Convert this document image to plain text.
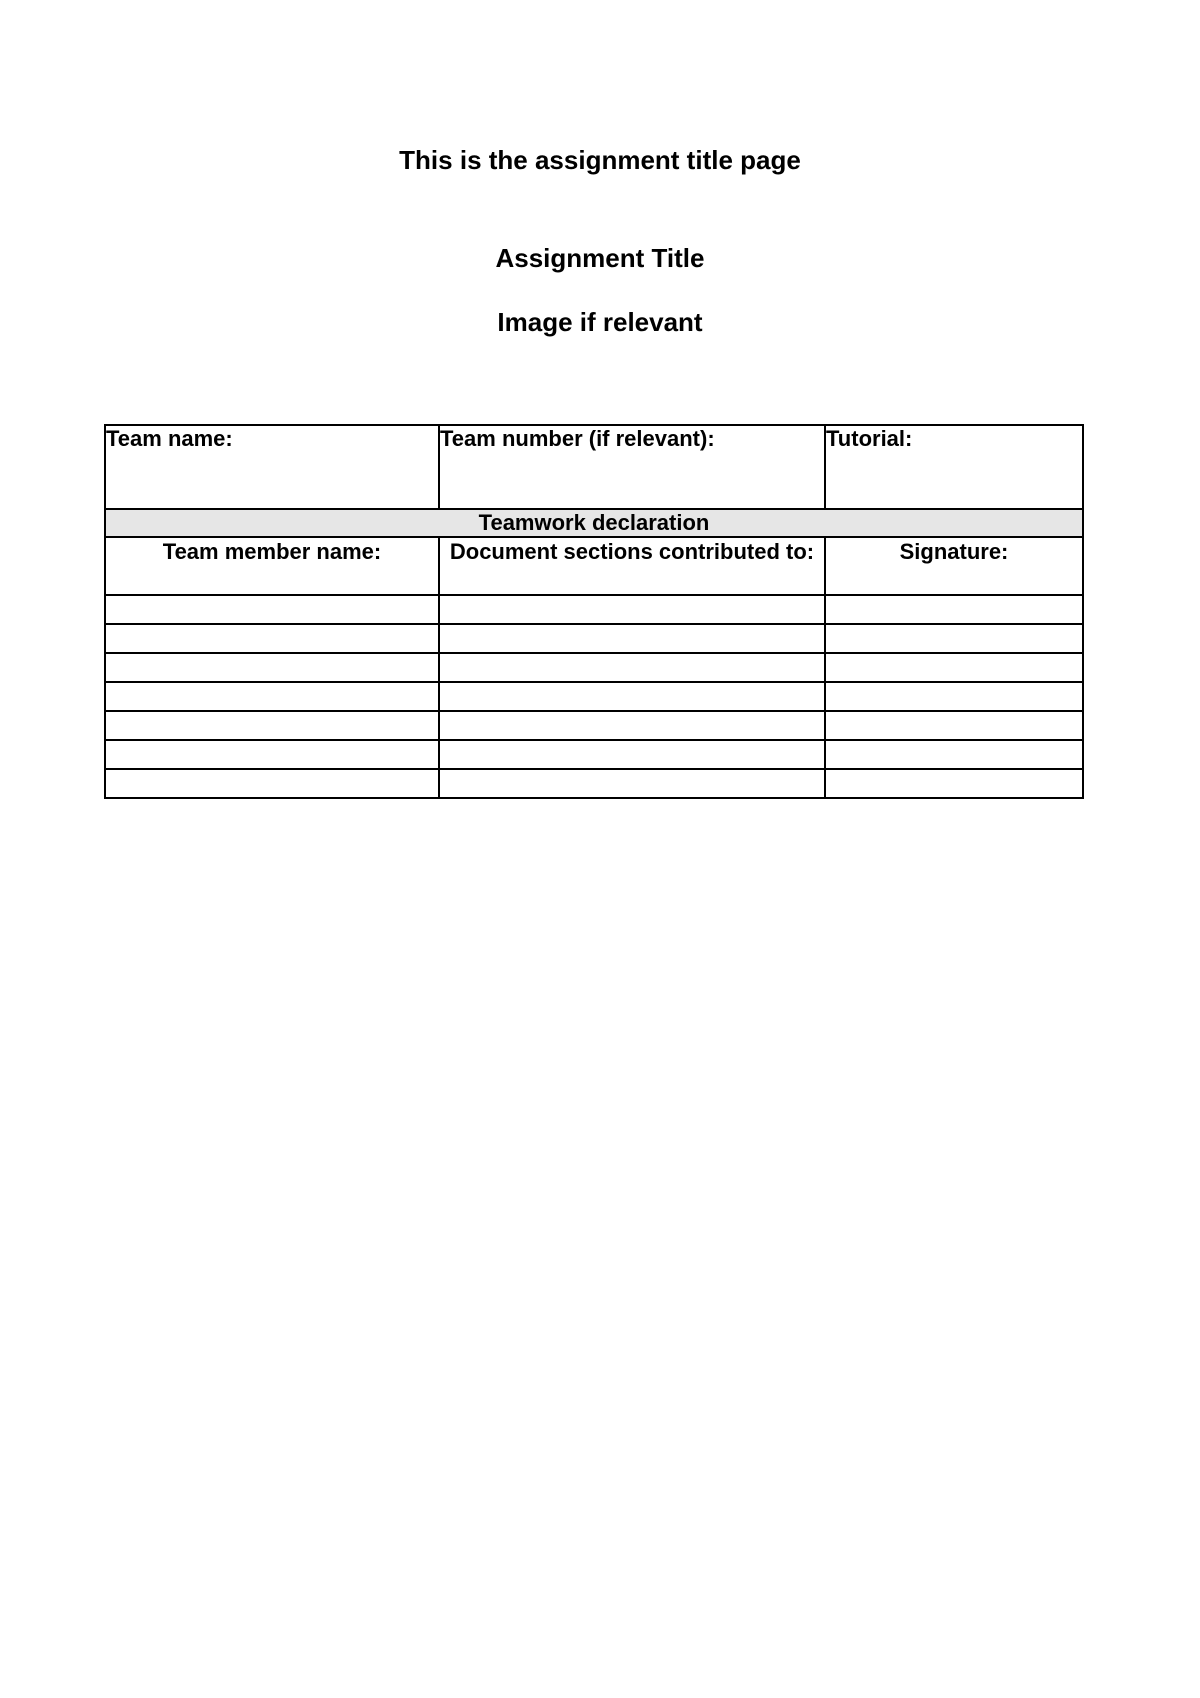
This is the assignment title page
Assignment Title
Image if relevant
Team name:	Team number (if relevant):	Tutorial:
Teamwork declaration		
Team member name:	Document sections contributed to:	Signature:
